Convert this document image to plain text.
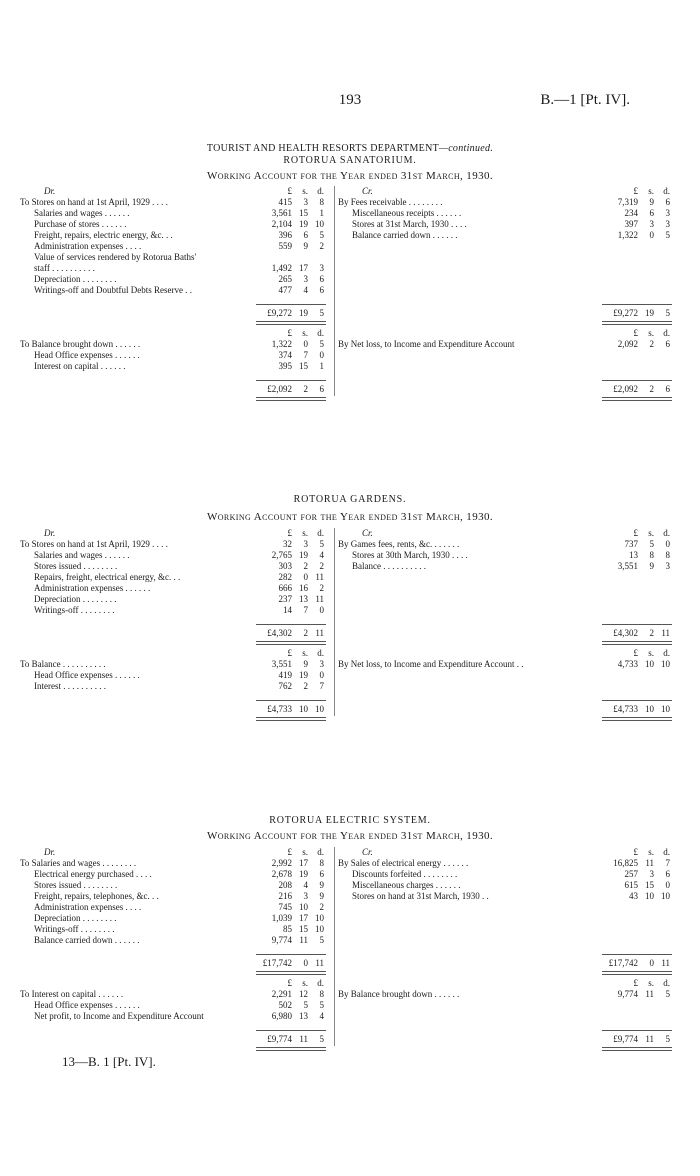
193	B.—1 [Pt. IV].
TOURIST AND HEALTH RESORTS DEPARTMENT—continued.
ROTORUA SANATORIUM.
Working Account for the Year ended 31st March, 1930.
Dr.	£	s.	d.
To Stores on hand at 1st April, 1929 . . . .	415	3	8
Salaries and wages . . . . . .	3,561 15	1
Purchase of stores . . . . . .	2,104 19 10
Freight, repairs, electric energy, &c. . .	396	6	5
Administration expenses . . . .	559	9	2
Value of services rendered by Rotorua Baths'
staff . . . . . . . . . .	1,492 17	3
Depreciation . . . . . . . .	265	3	6
Writings-off and Doubtful Debts Reserve . .	477	4	6
£9,272 19	5
£	s.	d.
To Balance brought down . . . . . .	1,322	0	5
Head Office expenses . . . . . .	374	7	0
Interest on capital . . . . . .	395 15	1
£2,092	2	6
Cr.	£	s.	d.
By Fees receivable . . . . . . . .	7,319	9	6
Miscellaneous receipts . . . . . .	234	6	3
Stores at 31st March, 1930 . . . .	397	3	3
Balance carried down . . . . . .	1,322	0	5
£9,272 19	5
£	s.	d.
By Net loss, to Income and Expenditure Account	2,092	2	6
£2,092	2	6
ROTORUA GARDENS.
Working Account for the Year ended 31st March, 1930.
Dr.	£	s.	d.
To Stores on hand at 1st April, 1929 . . . .	32	3	5
Salaries and wages . . . . . .	2,765 19	4
Stores issued . . . . . . . .	303	2	2
Repairs, freight, electrical energy, &c. . .	282	0 11
Administration expenses . . . . . .	666 16	2
Depreciation . . . . . . . .	237 13 11
Writings-off . . . . . . . .	14	7	0
£4,302	2 11
£	s.	d.
To Balance . . . . . . . . . .	3,551	9	3
Head Office expenses . . . . . .	419 19	0
Interest . . . . . . . . . .	762	2	7
£4,733 10 10
Cr.	£	s.	d.
By Games fees, rents, &c. . . . . . .	737	5	0
Stores at 30th March, 1930 . . . .	13	8	8
Balance . . . . . . . . . .	3,551	9	3
£4,302	2 11
£	s.	d.
By Net loss, to Income and Expenditure Account . .	4,733 10 10
£4,733 10 10
ROTORUA ELECTRIC SYSTEM.
Working Account for the Year ended 31st March, 1930.
Dr.	£	s.	d.
To Salaries and wages . . . . . . . .	2,992 17	8
Electrical energy purchased . . . .	2,678 19	6
Stores issued . . . . . . . .	208	4	9
Freight, repairs, telephones, &c. . .	216	3	9
Administration expenses . . . .	745 10	2
Depreciation . . . . . . . .	1,039 17 10
Writings-off . . . . . . . .	85 15 10
Balance carried down . . . . . .	9,774 11	5
£17,742	0 11
£	s.	d.
To Interest on capital . . . . . .	2,291 12	8
Head Office expenses . . . . . .	502	5	5
Net profit, to Income and Expenditure Account	6,980 13	4
£9,774 11	5
Cr.	£	s.	d.
By Sales of electrical energy . . . . . .	16,825 11	7
Discounts forfeited . . . . . . . .	257	3	6
Miscellaneous charges . . . . . .	615 15	0
Stores on hand at 31st March, 1930 . .	43 10 10
£17,742	0 11
£	s.	d.
By Balance brought down . . . . . .	9,774 11	5
£9,774 11	5
13—B. 1 [Pt. IV].
